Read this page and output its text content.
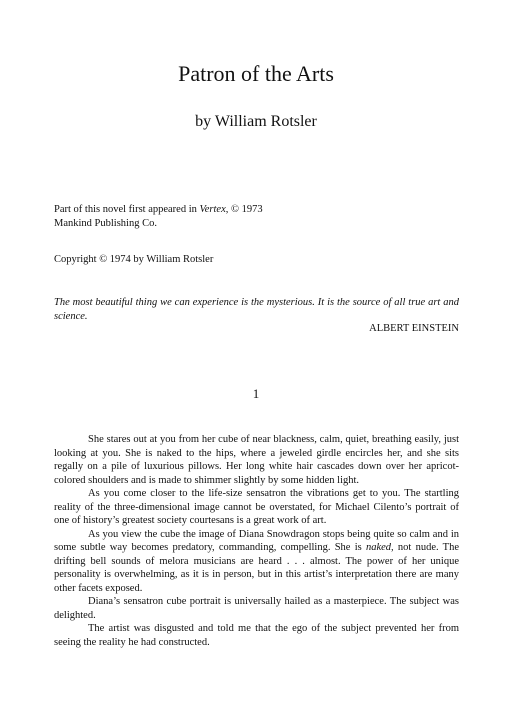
Patron of the Arts
by William Rotsler
Part of this novel first appeared in Vertex, © 1973
Mankind Publishing Co.
Copyright © 1974 by William Rotsler
The most beautiful thing we can experience is the mysterious. It is the source of all true art and science.
ALBERT EINSTEIN
1

She stares out at you from her cube of near blackness, calm, quiet, breathing easily, just looking at you. She is naked to the hips, where a jeweled girdle encircles her, and she sits regally on a pile of luxurious pillows. Her long white hair cascades down over her apricot-colored shoulders and is made to shimmer slightly by some hidden light.

As you come closer to the life-size sensatron the vibrations get to you. The startling reality of the three-dimensional image cannot be overstated, for Michael Cilento’s portrait of one of history’s greatest society courtesans is a great work of art.

As you view the cube the image of Diana Snowdragon stops being quite so calm and in some subtle way becomes predatory, commanding, compelling. She is naked, not nude. The drifting bell sounds of melora musicians are heard . . . almost. The power of her unique personality is overwhelming, as it is in person, but in this artist’s interpretation there are many other facets exposed.

Diana’s sensatron cube portrait is universally hailed as a masterpiece. The subject was delighted.

The artist was disgusted and told me that the ego of the subject prevented her from seeing the reality he had constructed.
